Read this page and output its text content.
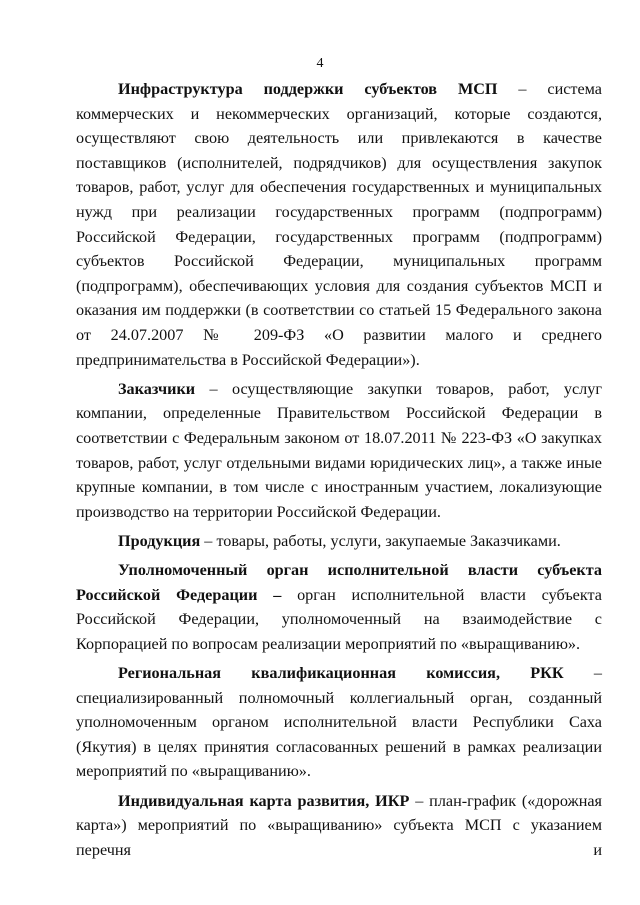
4

Инфраструктура поддержки субъектов МСП – система коммерческих и некоммерческих организаций, которые создаются, осуществляют свою деятельность или привлекаются в качестве поставщиков (исполнителей, подрядчиков) для осуществления закупок товаров, работ, услуг для обеспечения государственных и муниципальных нужд при реализации государственных программ (подпрограмм) Российской Федерации, государственных программ (подпрограмм) субъектов Российской Федерации, муниципальных программ (подпрограмм), обеспечивающих условия для создания субъектов МСП и оказания им поддержки (в соответствии со статьей 15 Федерального закона от 24.07.2007 № 209-ФЗ «О развитии малого и среднего предпринимательства в Российской Федерации»).

Заказчики – осуществляющие закупки товаров, работ, услуг компании, определенные Правительством Российской Федерации в соответствии с Федеральным законом от 18.07.2011 № 223-ФЗ «О закупках товаров, работ, услуг отдельными видами юридических лиц», а также иные крупные компании, в том числе с иностранным участием, локализующие производство на территории Российской Федерации.

Продукция – товары, работы, услуги, закупаемые Заказчиками.

Уполномоченный орган исполнительной власти субъекта Российской Федерации – орган исполнительной власти субъекта Российской Федерации, уполномоченный на взаимодействие с Корпорацией по вопросам реализации мероприятий по «выращиванию».

Региональная квалификационная комиссия, РКК – специализированный полномочный коллегиальный орган, созданный уполномоченным органом исполнительной власти Республики Саха (Якутия) в целях принятия согласованных решений в рамках реализации мероприятий по «выращиванию».

Индивидуальная карта развития, ИКР – план-график («дорожная карта») мероприятий по «выращиванию» субъекта МСП с указанием перечня и
